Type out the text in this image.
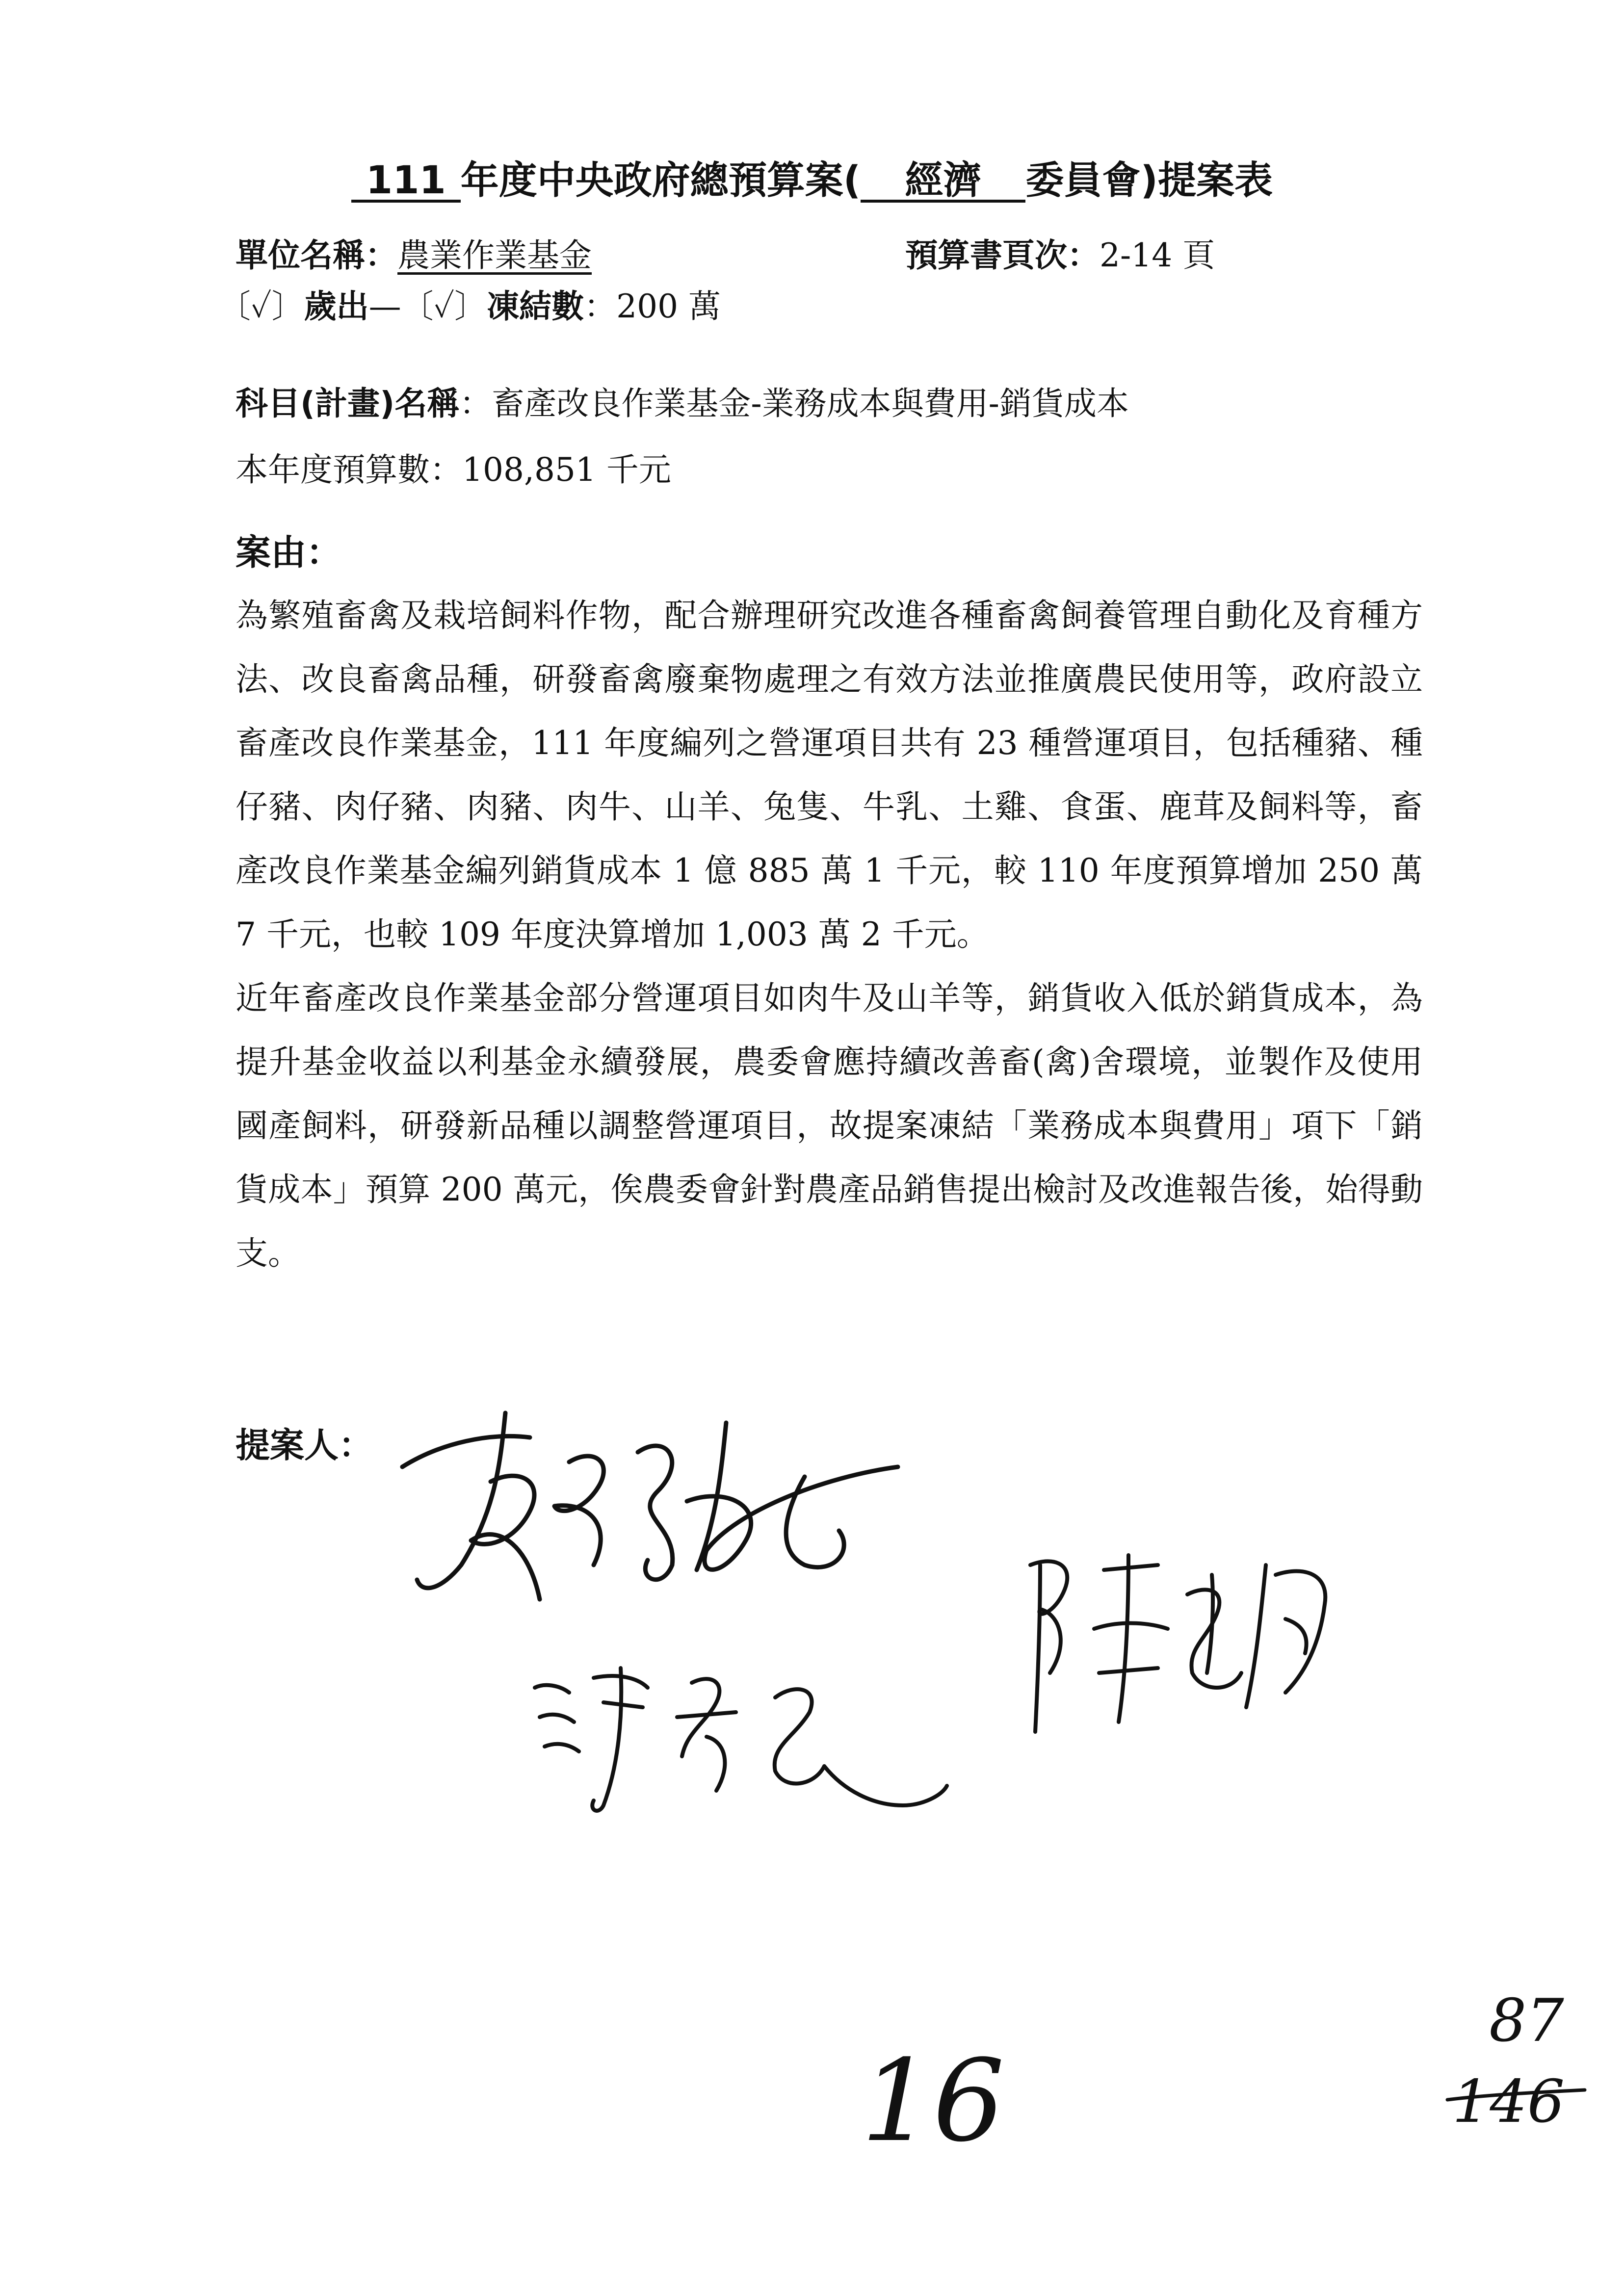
111 年度中央政府總預算案( 經濟 委員會)提案表
單位名稱：農業作業基金	預算書頁次：2-14 頁
〔✓〕歲出—〔✓〕凍結數：200 萬
科目(計畫)名稱：畜產改良作業基金-業務成本與費用-銷貨成本
本年度預算數：108,851 千元
案由：

為繁殖畜禽及栽培飼料作物，配合辦理研究改進各種畜禽飼養管理自動化及育種方法、改良畜禽品種，研發畜禽廢棄物處理之有效方法並推廣農民使用等，政府設立畜產改良作業基金，111 年度編列之營運項目共有 23 種營運項目，包括種豬、種仔豬、肉仔豬、肉豬、肉牛、山羊、兔隻、牛乳、土雞、食蛋、鹿茸及飼料等，畜產改良作業基金編列銷貨成本 1 億 885 萬 1 千元，較 110 年度預算增加 250 萬 7 千元，也較 109 年度決算增加 1,003 萬 2 千元。

近年畜產改良作業基金部分營運項目如肉牛及山羊等，銷貨收入低於銷貨成本，為提升基金收益以利基金永續發展，農委會應持續改善畜(禽)舍環境，並製作及使用國產飼料，研發新品種以調整營運項目，故提案凍結「業務成本與費用」項下「銷貨成本」預算 200 萬元，俟農委會針對農產品銷售提出檢討及改進報告後，始得動支。

提案人：
16
87
146
